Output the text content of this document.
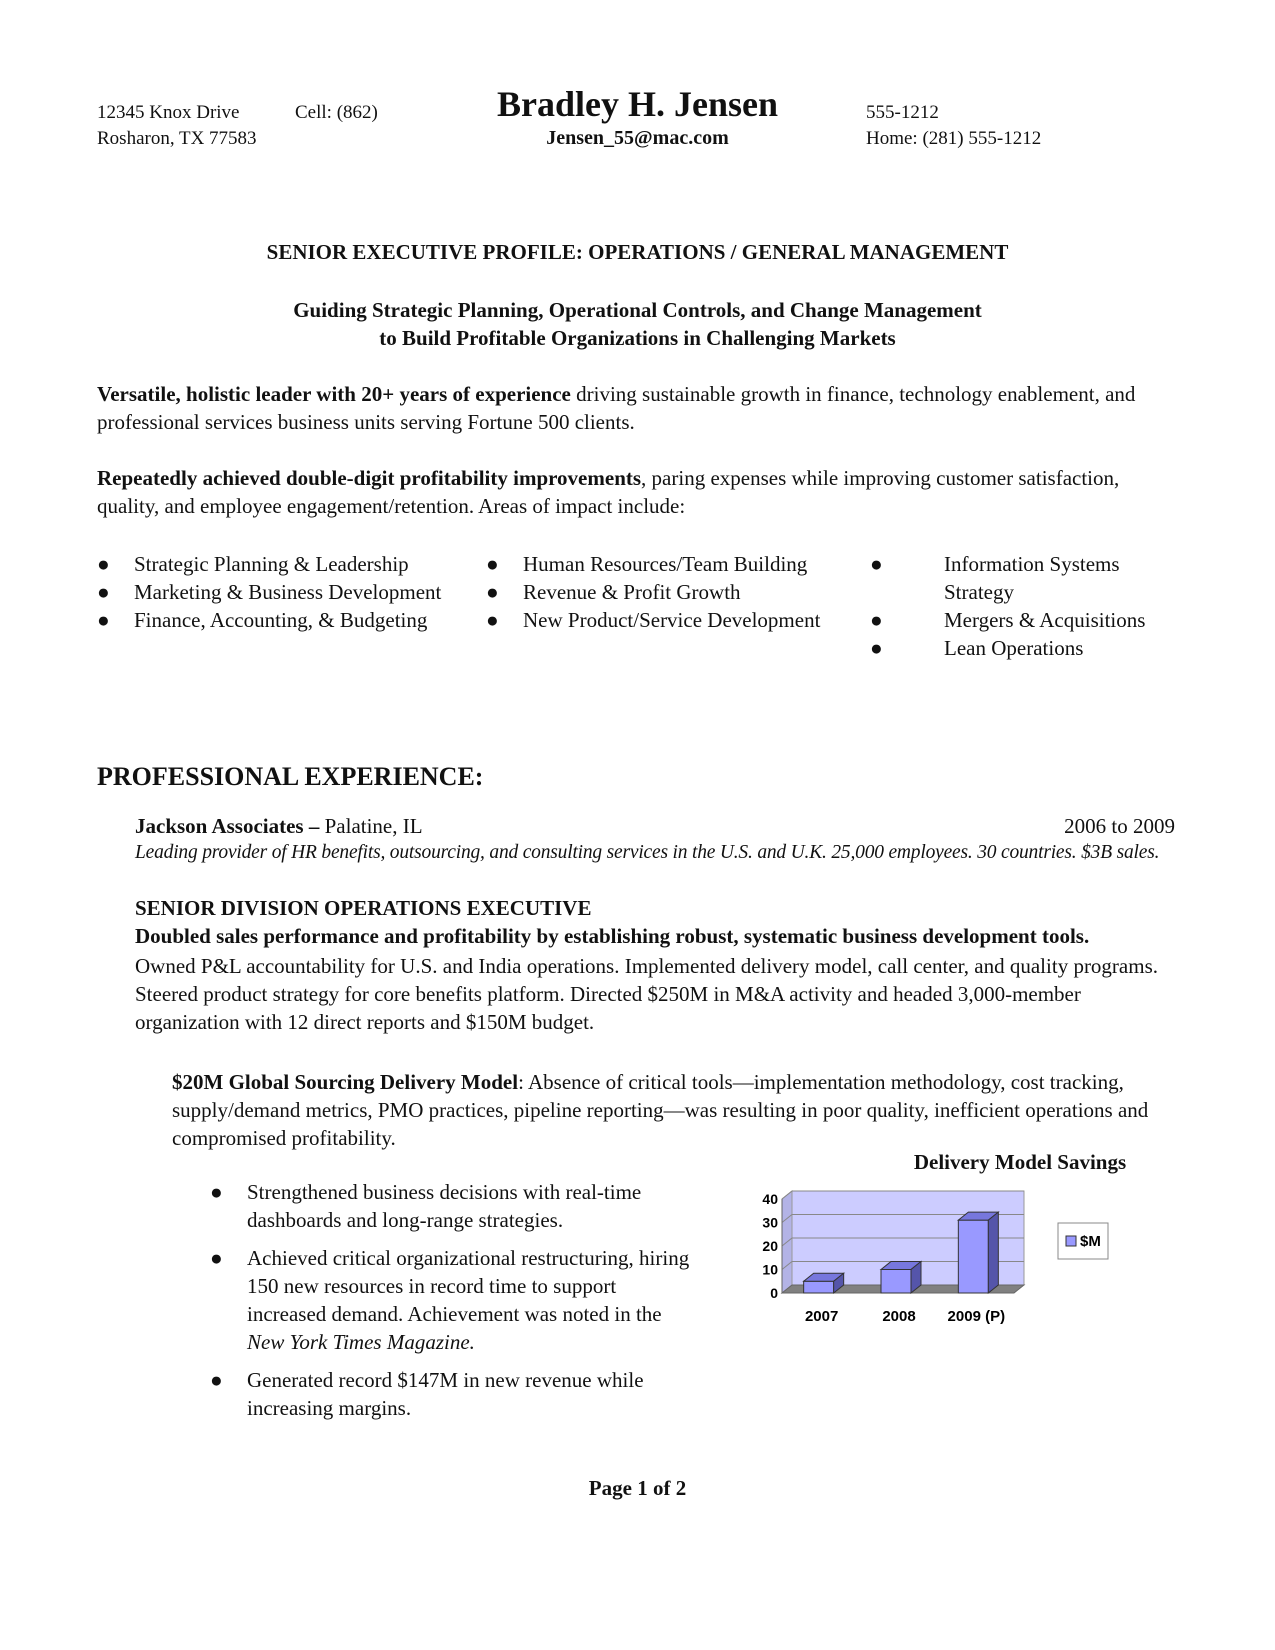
12345 Knox Drive
Rosharon, TX 77583
Cell: (862)	Bradley H. Jensen
Jensen_55@mac.com
555-1212
Home: (281) 555-1212
SENIOR EXECUTIVE PROFILE: OPERATIONS / GENERAL MANAGEMENT
Guiding Strategic Planning, Operational Controls, and Change Management
to Build Profitable Organizations in Challenging Markets
Versatile, holistic leader with 20+ years of experience driving sustainable growth in finance, technology enablement, and professional services business units serving Fortune 500 clients.
Repeatedly achieved double-digit profitability improvements, paring expenses while improving customer satisfaction, quality, and employee engagement/retention. Areas of impact include:
● Strategic Planning & Leadership
● Marketing & Business Development
● Finance, Accounting, & Budgeting
● Human Resources/Team Building
● Revenue & Profit Growth
● New Product/Service Development
●	Information Systems Strategy
●	Mergers & Acquisitions
●	Lean Operations
PROFESSIONAL EXPERIENCE:
Jackson Associates – Palatine, IL	2006 to 2009
Leading provider of HR benefits, outsourcing, and consulting services in the U.S. and U.K. 25,000 employees. 30 countries. $3B sales.
SENIOR DIVISION OPERATIONS EXECUTIVE
Doubled sales performance and profitability by establishing robust, systematic business development tools.
Owned P&L accountability for U.S. and India operations. Implemented delivery model, call center, and quality programs. Steered product strategy for core benefits platform. Directed $250M in M&A activity and headed 3,000-member organization with 12 direct reports and $150M budget.
$20M Global Sourcing Delivery Model: Absence of critical tools—implementation methodology, cost tracking, supply/demand metrics, PMO practices, pipeline reporting—was resulting in poor quality, inefficient operations and compromised profitability.
● Strengthened business decisions with real-time dashboards and long-range strategies.
● Achieved critical organizational restructuring, hiring 150 new resources in record time to support increased demand. Achievement was noted in the New York Times Magazine.
● Generated record $147M in new revenue while increasing margins.
Delivery Model Savings
0
10
20
30
40
2007	2008 2009 (P)
$M
Page 1 of 2
